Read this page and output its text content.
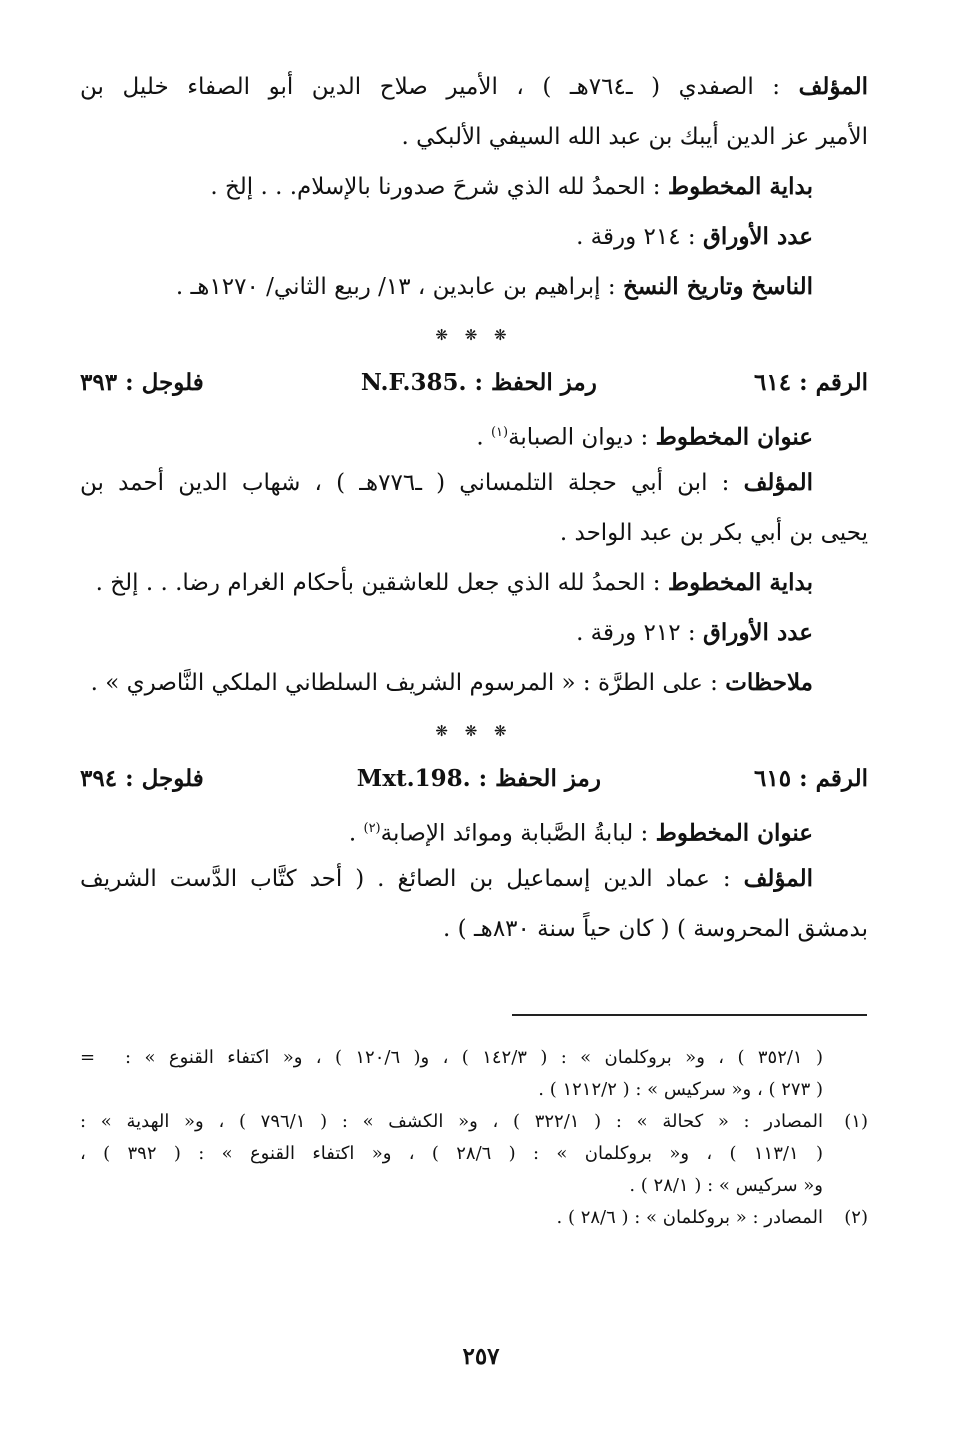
المؤلف : الصفدي ( ـ٧٦٤هـ ) ، الأمير صلاح الدين أبو الصفاء خليل بن
الأمير عز الدين أيبك بن عبد الله السيفي الألبكي .
بداية المخطوط : الحمدُ لله الذي شرحَ صدورنا بالإسلام. . . إلخ .
عدد الأوراق : ٢١٤ ورقة .
الناسخ وتاريخ النسخ : إبراهيم بن عابدين ، ١٣/ ربيع الثاني/ ١٢٧٠هـ .
❋ ❋ ❋
الرقم : ٦١٤
رمز الحفظ : N.F.385.
فلوجل : ٣٩٣
عنوان المخطوط : ديوان الصبابة$^{(١)}$ .
المؤلف : ابن أبي حجلة التلمساني ( ـ٧٧٦هـ ) ، شهاب الدين أحمد بن
يحيى بن أبي بكر بن عبد الواحد .
بداية المخطوط : الحمدُ لله الذي جعل للعاشقين بأحكام الغرام رضا. . . إلخ .
عدد الأوراق : ٢١٢ ورقة .
ملاحظات : على الطرَّة : « المرسوم الشريف السلطاني الملكي النَّاصري » .
❋ ❋ ❋
الرقم : ٦١٥
رمز الحفظ : Mxt.198.
فلوجل : ٣٩٤
عنوان المخطوط : لبابةُ الصَّبابة وموائد الإصابة$^{(٢)}$ .
المؤلف : عماد الدين إسماعيل بن الصائغ . ( أحد كتَّاب الدَّست الشريف
بدمشق المحروسة ) ( كان حياً سنة ٨٣٠هـ ) .
( ٣٥٢/١ ) ، و« بروكلمان » : ( ١٤٢/٣ ) ، و( ١٢٠/٦ ) ، و« اكتفاء القنوع » :
=
( ٢٧٣ ) ، و« سركيس » : ( ١٢١٢/٢ ) .
(١)
المصادر : « كحالة » : ( ٣٢٢/١ ) ، و« الكشف » : ( ٧٩٦/١ ) ، و« الهدية » :
( ١١٣/١ ) ، و« بروكلمان » : ( ٢٨/٦ ) ، و« اكتفاء القنوع » : ( ٣٩٢ ) ،
و« سركيس » : ( ٢٨/١ ) .
(٢)
المصادر : « بروكلمان » : ( ٢٨/٦ ) .
٢٥٧
